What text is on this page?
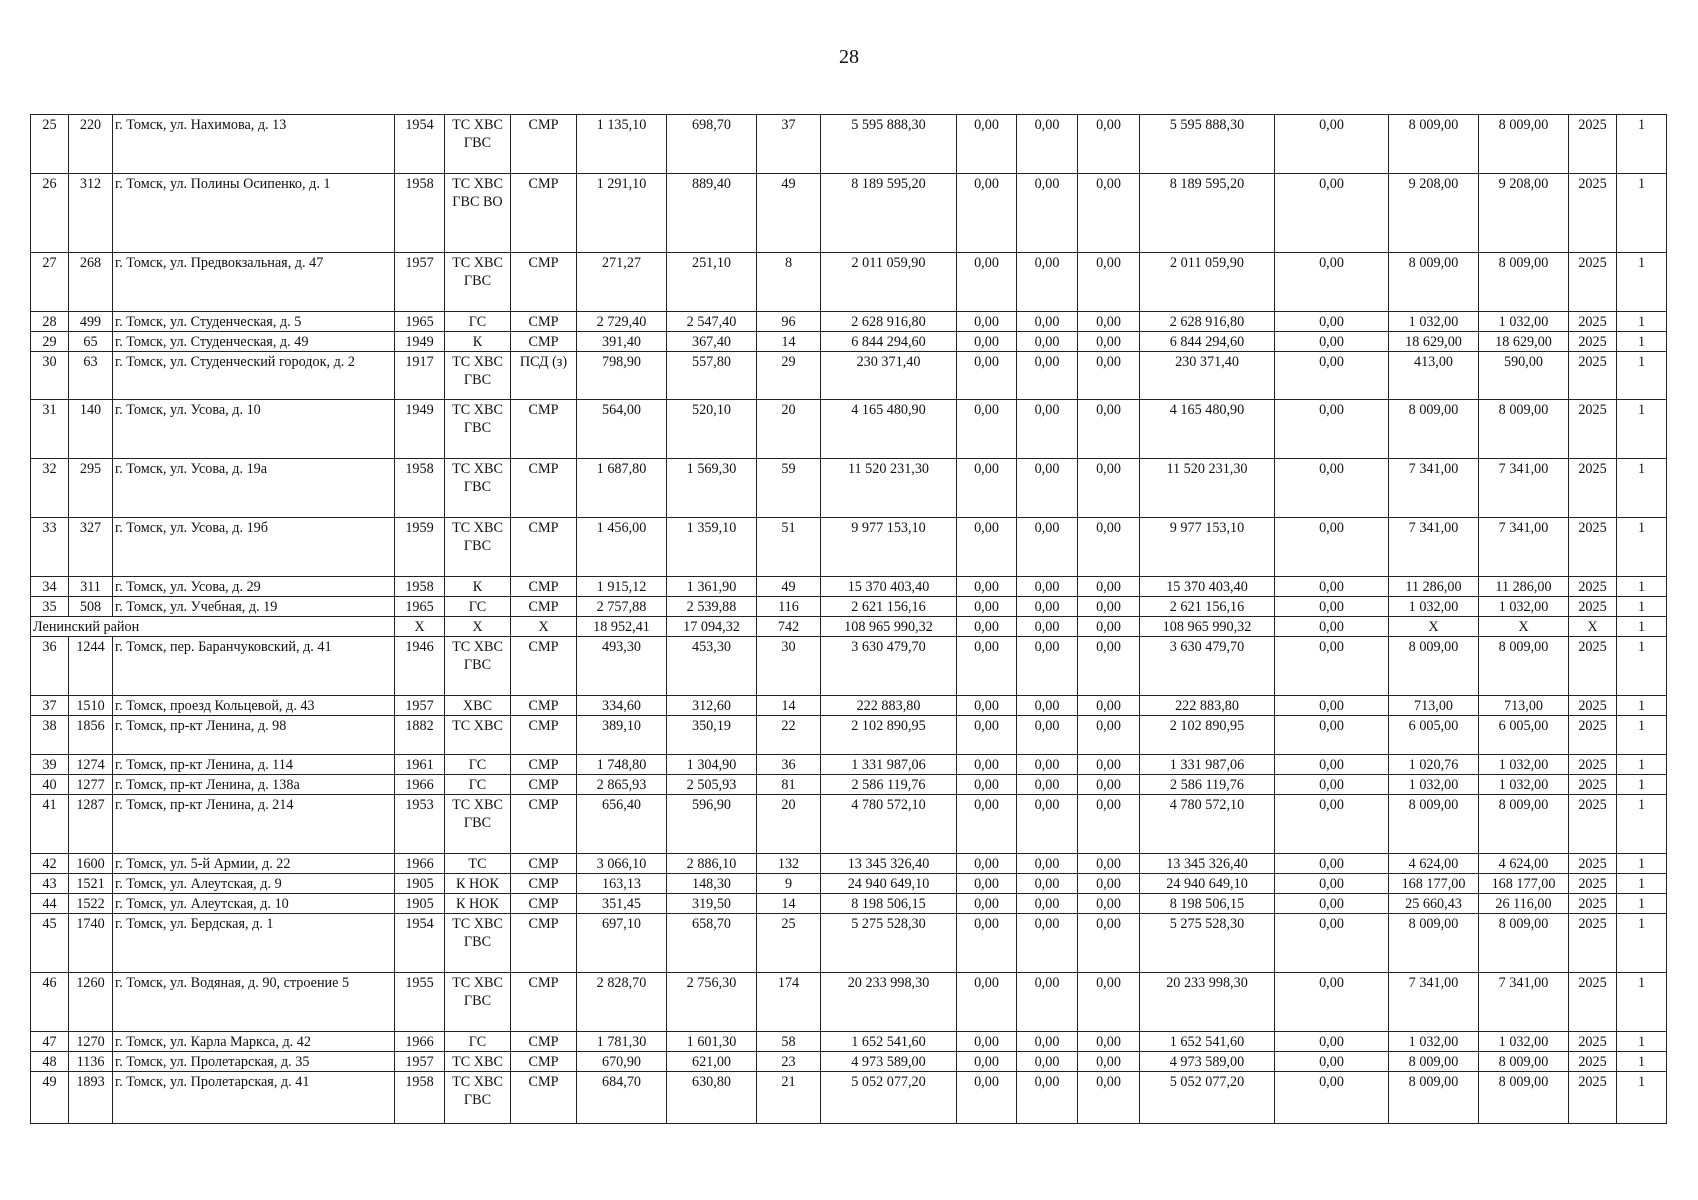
28
25	220	г. Томск, ул. Нахимова, д. 13	1954	ТС ХВС ГВС	СМР	1 135,10	698,70	37	5 595 888,30	0,00	0,00	0,00	5 595 888,30	0,00	8 009,00	8 009,00	2025	1
26	312	г. Томск, ул. Полины Осипенко, д. 1	1958	ТС ХВС ГВС ВО	СМР	1 291,10	889,40	49	8 189 595,20	0,00	0,00	0,00	8 189 595,20	0,00	9 208,00	9 208,00	2025	1
27	268	г. Томск, ул. Предвокзальная, д. 47	1957	ТС ХВС ГВС	СМР	271,27	251,10	8	2 011 059,90	0,00	0,00	0,00	2 011 059,90	0,00	8 009,00	8 009,00	2025	1
28	499	г. Томск, ул. Студенческая, д. 5	1965	ГС	СМР	2 729,40	2 547,40	96	2 628 916,80	0,00	0,00	0,00	2 628 916,80	0,00	1 032,00	1 032,00	2025	1
29	65	г. Томск, ул. Студенческая, д. 49	1949	К	СМР	391,40	367,40	14	6 844 294,60	0,00	0,00	0,00	6 844 294,60	0,00	18 629,00	18 629,00	2025	1
30	63	г. Томск, ул. Студенческий городок, д. 2	1917	ТС ХВС ГВС	ПСД (з)	798,90	557,80	29	230 371,40	0,00	0,00	0,00	230 371,40	0,00	413,00	590,00	2025	1
31	140	г. Томск, ул. Усова, д. 10	1949	ТС ХВС ГВС	СМР	564,00	520,10	20	4 165 480,90	0,00	0,00	0,00	4 165 480,90	0,00	8 009,00	8 009,00	2025	1
32	295	г. Томск, ул. Усова, д. 19а	1958	ТС ХВС ГВС	СМР	1 687,80	1 569,30	59	11 520 231,30	0,00	0,00	0,00	11 520 231,30	0,00	7 341,00	7 341,00	2025	1
33	327	г. Томск, ул. Усова, д. 19б	1959	ТС ХВС ГВС	СМР	1 456,00	1 359,10	51	9 977 153,10	0,00	0,00	0,00	9 977 153,10	0,00	7 341,00	7 341,00	2025	1
34	311	г. Томск, ул. Усова, д. 29	1958	К	СМР	1 915,12	1 361,90	49	15 370 403,40	0,00	0,00	0,00	15 370 403,40	0,00	11 286,00	11 286,00	2025	1
35	508	г. Томск, ул. Учебная, д. 19	1965	ГС	СМР	2 757,88	2 539,88	116	2 621 156,16	0,00	0,00	0,00	2 621 156,16	0,00	1 032,00	1 032,00	2025	1
Ленинский район			X	X	X	18 952,41	17 094,32	742	108 965 990,32	0,00	0,00	0,00	108 965 990,32	0,00	X	X	X	1
36	1244	г. Томск, пер. Баранчуковский, д. 41	1946	ТС ХВС ГВС	СМР	493,30	453,30	30	3 630 479,70	0,00	0,00	0,00	3 630 479,70	0,00	8 009,00	8 009,00	2025	1
37	1510	г. Томск, проезд Кольцевой, д. 43	1957	ХВС	СМР	334,60	312,60	14	222 883,80	0,00	0,00	0,00	222 883,80	0,00	713,00	713,00	2025	1
38	1856	г. Томск, пр-кт Ленина, д. 98	1882	ТС ХВС	СМР	389,10	350,19	22	2 102 890,95	0,00	0,00	0,00	2 102 890,95	0,00	6 005,00	6 005,00	2025	1
39	1274	г. Томск, пр-кт Ленина, д. 114	1961	ГС	СМР	1 748,80	1 304,90	36	1 331 987,06	0,00	0,00	0,00	1 331 987,06	0,00	1 020,76	1 032,00	2025	1
40	1277	г. Томск, пр-кт Ленина, д. 138а	1966	ГС	СМР	2 865,93	2 505,93	81	2 586 119,76	0,00	0,00	0,00	2 586 119,76	0,00	1 032,00	1 032,00	2025	1
41	1287	г. Томск, пр-кт Ленина, д. 214	1953	ТС ХВС ГВС	СМР	656,40	596,90	20	4 780 572,10	0,00	0,00	0,00	4 780 572,10	0,00	8 009,00	8 009,00	2025	1
42	1600	г. Томск, ул. 5-й Армии, д. 22	1966	ТС	СМР	3 066,10	2 886,10	132	13 345 326,40	0,00	0,00	0,00	13 345 326,40	0,00	4 624,00	4 624,00	2025	1
43	1521	г. Томск, ул. Алеутская, д. 9	1905	К НОК	СМР	163,13	148,30	9	24 940 649,10	0,00	0,00	0,00	24 940 649,10	0,00	168 177,00	168 177,00	2025	1
44	1522	г. Томск, ул. Алеутская, д. 10	1905	К НОК	СМР	351,45	319,50	14	8 198 506,15	0,00	0,00	0,00	8 198 506,15	0,00	25 660,43	26 116,00	2025	1
45	1740	г. Томск, ул. Бердская, д. 1	1954	ТС ХВС ГВС	СМР	697,10	658,70	25	5 275 528,30	0,00	0,00	0,00	5 275 528,30	0,00	8 009,00	8 009,00	2025	1
46	1260	г. Томск, ул. Водяная, д. 90, строение 5	1955	ТС ХВС ГВС	СМР	2 828,70	2 756,30	174	20 233 998,30	0,00	0,00	0,00	20 233 998,30	0,00	7 341,00	7 341,00	2025	1
47	1270	г. Томск, ул. Карла Маркса, д. 42	1966	ГС	СМР	1 781,30	1 601,30	58	1 652 541,60	0,00	0,00	0,00	1 652 541,60	0,00	1 032,00	1 032,00	2025	1
48	1136	г. Томск, ул. Пролетарская, д. 35	1957	ТС ХВС	СМР	670,90	621,00	23	4 973 589,00	0,00	0,00	0,00	4 973 589,00	0,00	8 009,00	8 009,00	2025	1
49	1893	г. Томск, ул. Пролетарская, д. 41	1958	ТС ХВС ГВС	СМР	684,70	630,80	21	5 052 077,20	0,00	0,00	0,00	5 052 077,20	0,00	8 009,00	8 009,00	2025	1
